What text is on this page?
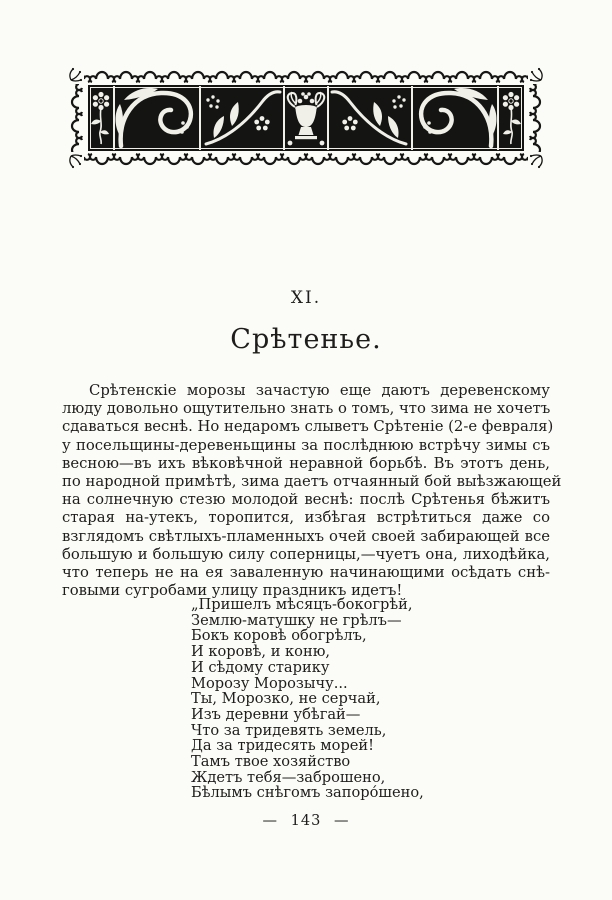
XI.
Срѣтенье.
Срѣтенскіе морозы зачастую еще даютъ деревенскому
люду довольно ощутительно знать о томъ, что зима не хочетъ
сдаваться веснѣ. Но недаромъ слыветъ Срѣтеніе (2-е февраля)
у посельщины-деревеньщины за послѣднюю встрѣчу зимы съ
весною—въ ихъ вѣковѣчной неравной борьбѣ. Въ этотъ день,
по народной примѣтѣ, зима даетъ отчаянный бой выѣзжающей
на солнечную стезю молодой веснѣ: послѣ Срѣтенья бѣжитъ
старая на-утекъ, торопится, избѣгая встрѣтиться даже со
взглядомъ свѣтлыхъ-пламенныхъ очей своей забирающей все
большую и большую силу соперницы,—чуетъ она, лиходѣйка,
что теперь не на ея заваленную начинающими осѣдать снѣ-
говыми сугробами улицу праздникъ идетъ!
„Пришелъ мѣсяцъ-бокогрѣй,
Землю-матушку не грѣлъ—
Бокъ коровѣ обогрѣлъ,
И коровѣ, и коню,
И сѣдому старику
Морозу Морозычу...
Ты, Морозко, не серчай,
Изъ деревни убѣгай—
Что за тридевять земель,
Да за тридесять морей!
Тамъ твое хозяйство
Ждетъ тебя—заброшено,
Бѣлымъ снѣгомъ запоро́шено,
— 143 —
